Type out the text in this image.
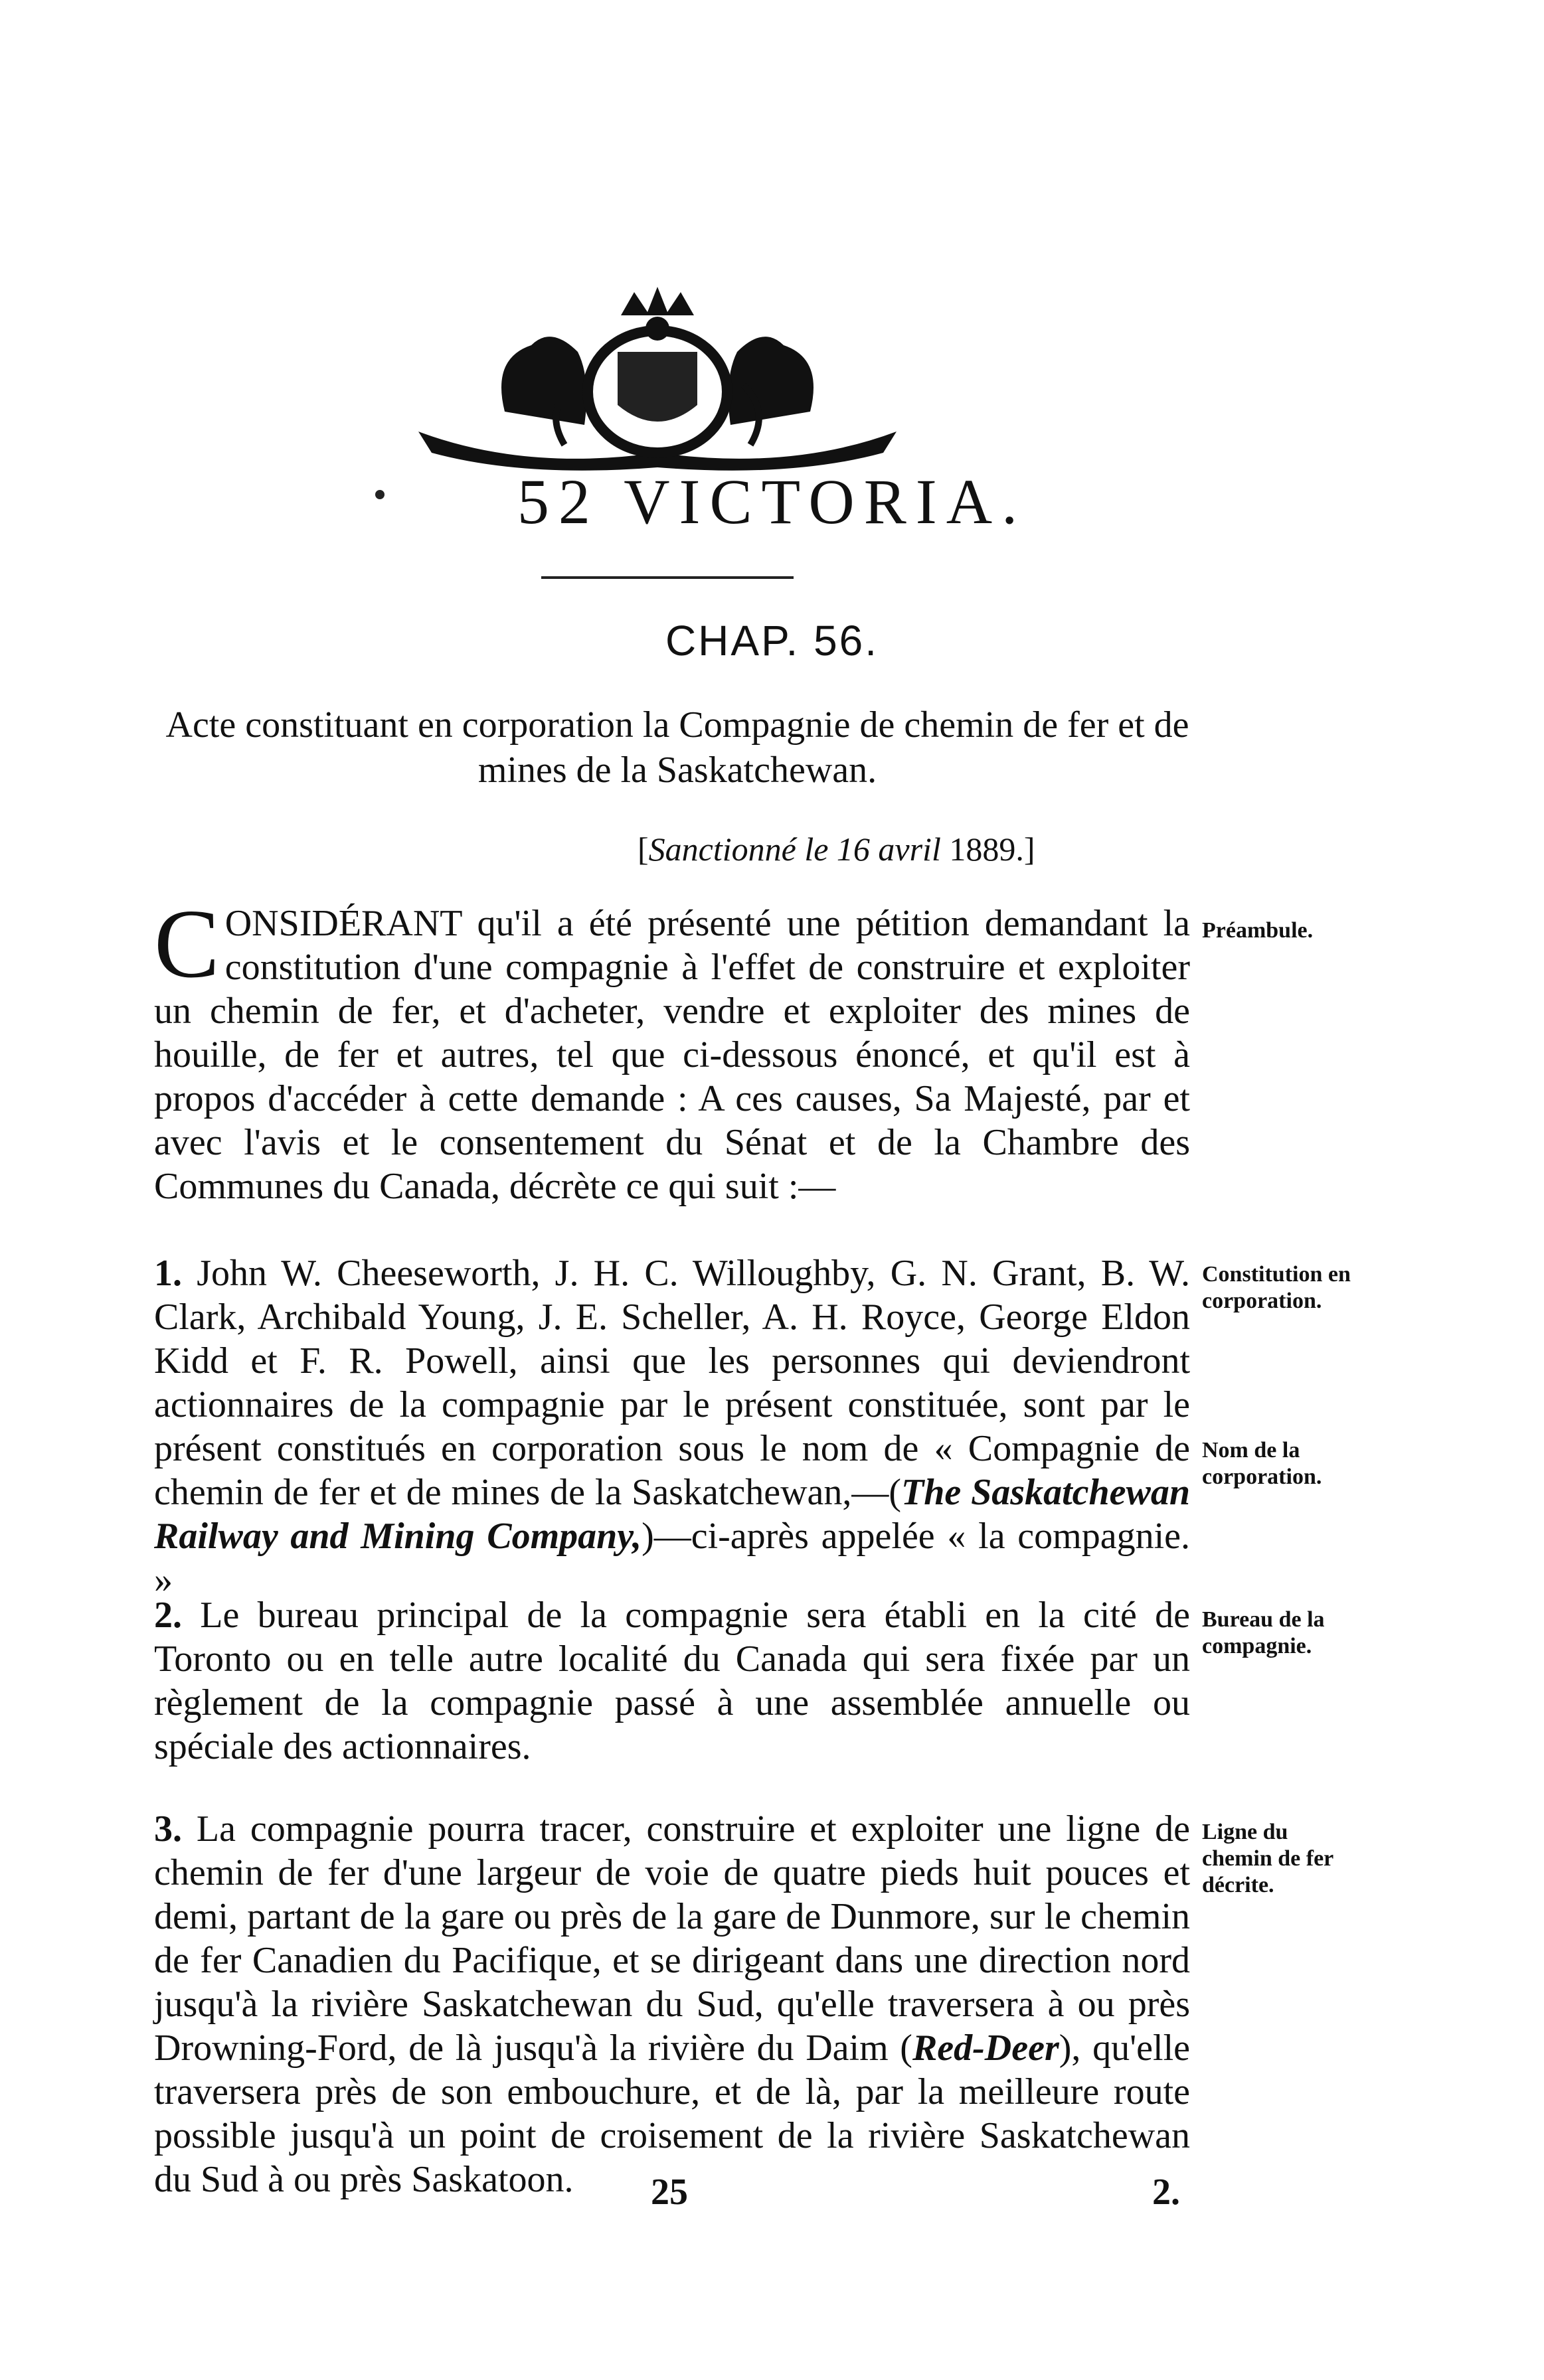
52 VICTORIA.
CHAP. 56.
Acte constituant en corporation la Compagnie de chemin de fer et de mines de la Saskatchewan.
[Sanctionné le 16 avril 1889.]
CONSIDÉRANT qu'il a été présenté une pétition demandant la constitution d'une compagnie à l'effet de construire et exploiter un chemin de fer, et d'acheter, vendre et exploiter des mines de houille, de fer et autres, tel que ci-dessous énoncé, et qu'il est à propos d'accéder à cette demande : A ces causes, Sa Majesté, par et avec l'avis et le consentement du Sénat et de la Chambre des Communes du Canada, décrète ce qui suit :—
1. John W. Cheeseworth, J. H. C. Willoughby, G. N. Grant, B. W. Clark, Archibald Young, J. E. Scheller, A. H. Royce, George Eldon Kidd et F. R. Powell, ainsi que les personnes qui deviendront actionnaires de la compagnie par le présent constituée, sont par le présent constitués en corporation sous le nom de « Compagnie de chemin de fer et de mines de la Saskatchewan,—(The Saskatchewan Railway and Mining Company,)—ci-après appelée « la compagnie. »
2. Le bureau principal de la compagnie sera établi en la cité de Toronto ou en telle autre localité du Canada qui sera fixée par un règlement de la compagnie passé à une assemblée annuelle ou spéciale des actionnaires.
3. La compagnie pourra tracer, construire et exploiter une ligne de chemin de fer d'une largeur de voie de quatre pieds huit pouces et demi, partant de la gare ou près de la gare de Dunmore, sur le chemin de fer Canadien du Pacifique, et se dirigeant dans une direction nord jusqu'à la rivière Saskatchewan du Sud, qu'elle traversera à ou près Drowning-Ford, de là jusqu'à la rivière du Daim (Red-Deer), qu'elle traversera près de son embouchure, et de là, par la meilleure route possible jusqu'à un point de croisement de la rivière Saskatchewan du Sud à ou près Saskatoon.
Préambule.
Constitution en corporation.
Nom de la corporation.
Bureau de la compagnie.
Ligne du chemin de fer décrite.
25	2.
